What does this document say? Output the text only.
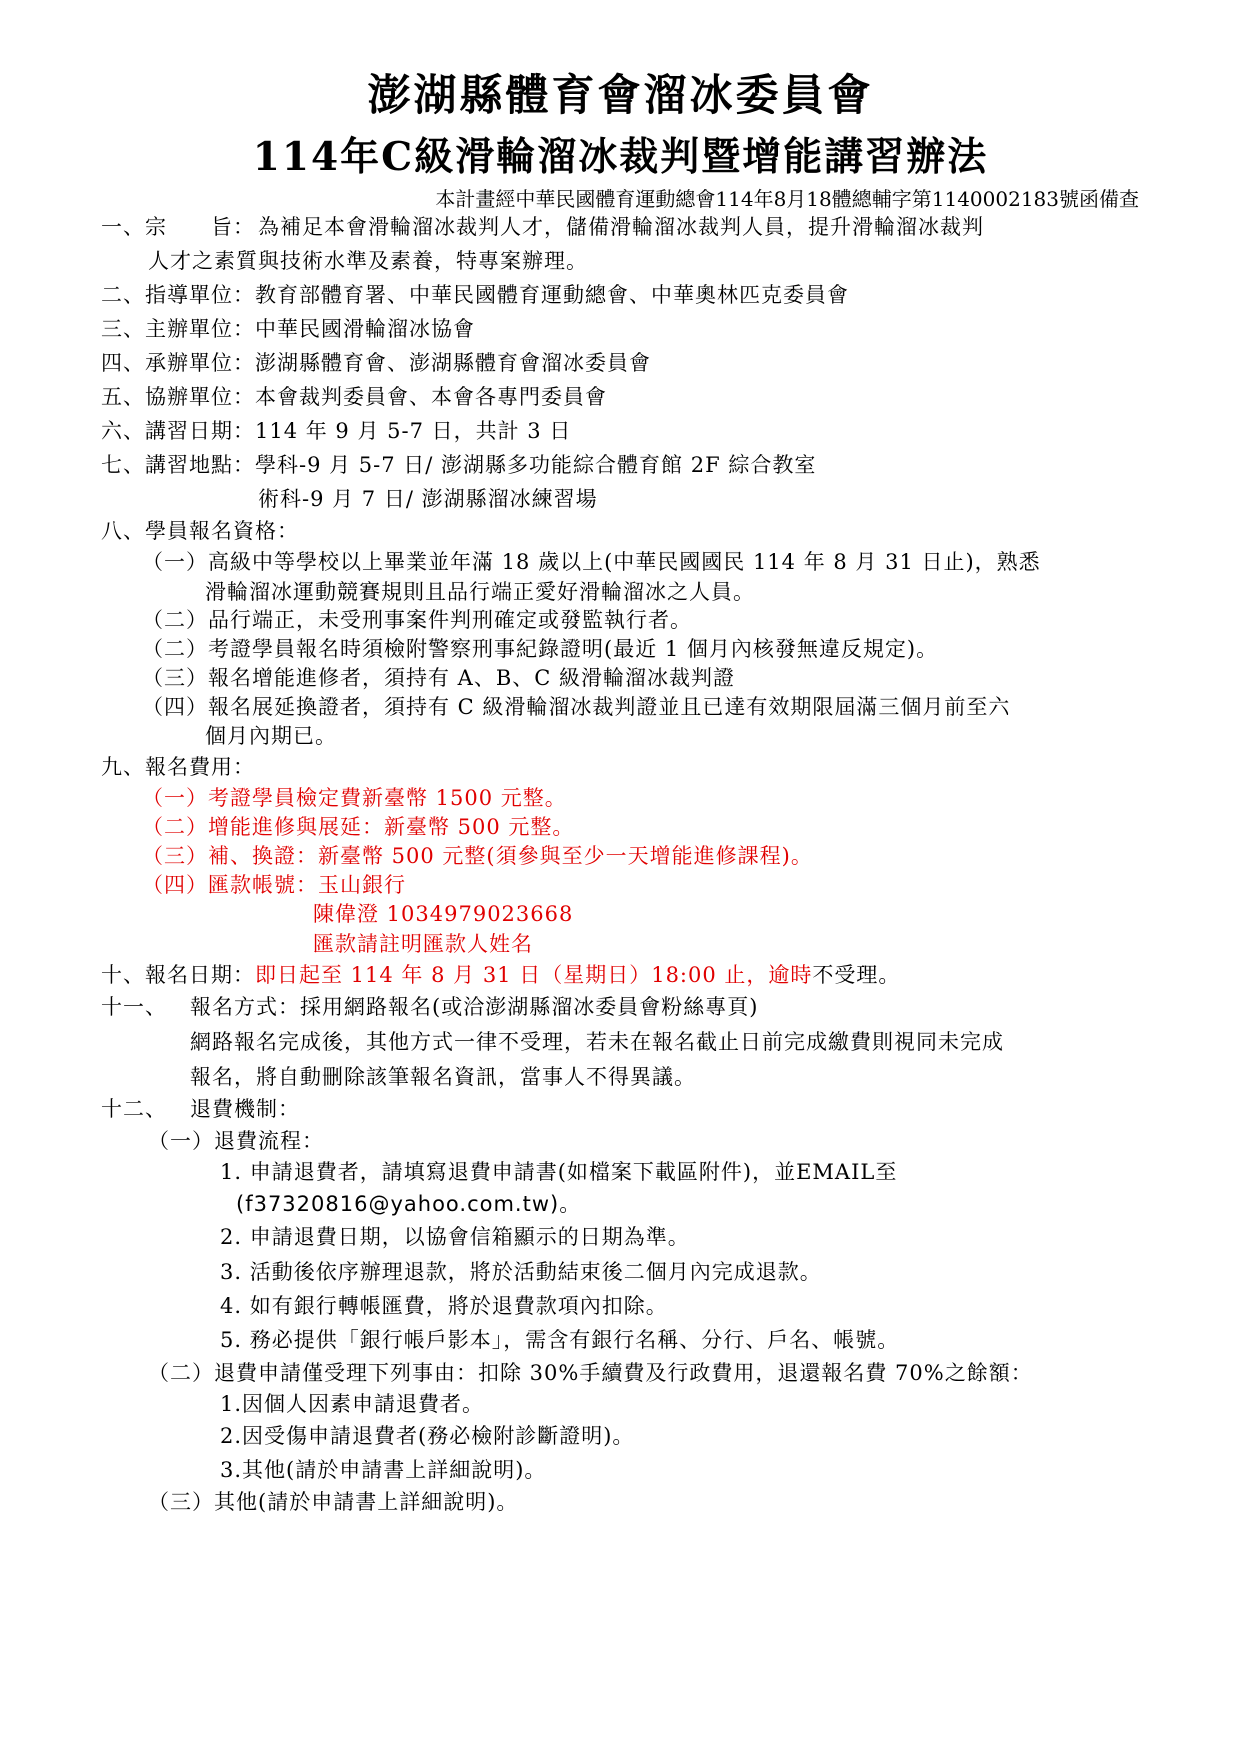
澎湖縣體育會溜冰委員會
114年C級滑輪溜冰裁判暨增能講習辦法
本計畫經中華民國體育運動總會114年8月18體總輔字第1140002183號函備查
一、宗　　旨： 為補足本會滑輪溜冰裁判人才，儲備滑輪溜冰裁判人員，提升滑輪溜冰裁判
人才之素質與技術水準及素養，特專案辦理。
二、指導單位：教育部體育署、中華民國體育運動總會、中華奧林匹克委員會
三、主辦單位：中華民國滑輪溜冰協會
四、承辦單位：澎湖縣體育會、澎湖縣體育會溜冰委員會
五、協辦單位：本會裁判委員會、本會各專門委員會
六、講習日期：114 年 9 月 5-7 日，共計 3 日
七、講習地點：學科-9 月 5-7 日/ 澎湖縣多功能綜合體育館 2F 綜合教室
術科-9 月 7 日/ 澎湖縣溜冰練習場
八、學員報名資格：
（一）高級中等學校以上畢業並年滿 18 歲以上(中華民國國民 114 年 8 月 31 日止)，熟悉
滑輪溜冰運動競賽規則且品行端正愛好滑輪溜冰之人員。
（二）品行端正，未受刑事案件判刑確定或發監執行者。
（二）考證學員報名時須檢附警察刑事紀錄證明(最近 1 個月內核發無違反規定)。
（三）報名增能進修者，須持有 A、B、C 級滑輪溜冰裁判證
（四）報名展延換證者，須持有 C 級滑輪溜冰裁判證並且已達有效期限屆滿三個月前至六
個月內期已。
九、報名費用：
（一）考證學員檢定費新臺幣 1500 元整。
（二）增能進修與展延：新臺幣 500 元整。
（三）補、換證：新臺幣 500 元整(須參與至少一天增能進修課程)。
（四）匯款帳號：玉山銀行
陳偉澄 1034979023668
匯款請註明匯款人姓名
十、報名日期：即日起至 114 年 8 月 31 日（星期日）18:00 止，逾時不受理。
十一、 報名方式：採用網路報名(或洽澎湖縣溜冰委員會粉絲專頁)
網路報名完成後，其他方式一律不受理，若未在報名截止日前完成繳費則視同未完成
報名，將自動刪除該筆報名資訊，當事人不得異議。
十二、 退費機制：
（一）退費流程：
1. 申請退費者，請填寫退費申請書(如檔案下載區附件)，並EMAIL至
(f37320816@yahoo.com.tw)。
2. 申請退費日期，以協會信箱顯示的日期為準。
3. 活動後依序辦理退款，將於活動結束後二個月內完成退款。
4. 如有銀行轉帳匯費，將於退費款項內扣除。
5. 務必提供「銀行帳戶影本」，需含有銀行名稱、分行、戶名、帳號。
（二）退費申請僅受理下列事由：扣除 30%手續費及行政費用，退還報名費 70%之餘額：
1.因個人因素申請退費者。
2.因受傷申請退費者(務必檢附診斷證明)。
3.其他(請於申請書上詳細說明)。
（三）其他(請於申請書上詳細說明)。
